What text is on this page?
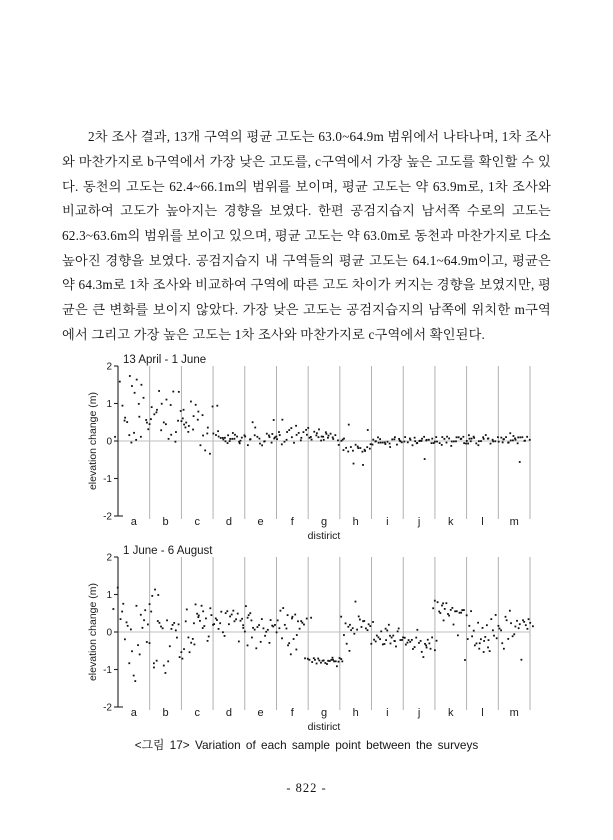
2차 조사 결과, 13개 구역의 평균 고도는 63.0~64.9m 범위에서 나타나며, 1차 조사와 마찬가지로 b구역에서 가장 낮은 고도를, c구역에서 가장 높은 고도를 확인할 수 있다. 동천의 고도는 62.4~66.1m의 범위를 보이며, 평균 고도는 약 63.9m로, 1차 조사와 비교하여 고도가 높아지는 경향을 보였다. 한편 공검지습지 남서쪽 수로의 고도는 62.3~63.6m의 범위를 보이고 있으며, 평균 고도는 약 63.0m로 동천과 마찬가지로 다소 높아진 경향을 보였다. 공검지습지 내 구역들의 평균 고도는 64.1~64.9m이고, 평균은 약 64.3m로 1차 조사와 비교하여 구역에 따른 고도 차이가 커지는 경향을 보였지만, 평균은 큰 변화를 보이지 않았다. 가장 낮은 고도는 공검지습지의 남쪽에 위치한 m구역에서 그리고 가장 높은 고도는 1차 조사와 마찬가지로 c구역에서 확인된다.

2
1
0
-1
-2
elevation change (m)
13 April - 1 June
a b c d e f g h i	j	k	l m
distirict
2
1
0
-1
-2
elevation change (m)
1 June - 6 August
a b c d e f g h i	j	k	l m
distirict
<그림 17> Variation of each sample point between the surveys
- 822 -
